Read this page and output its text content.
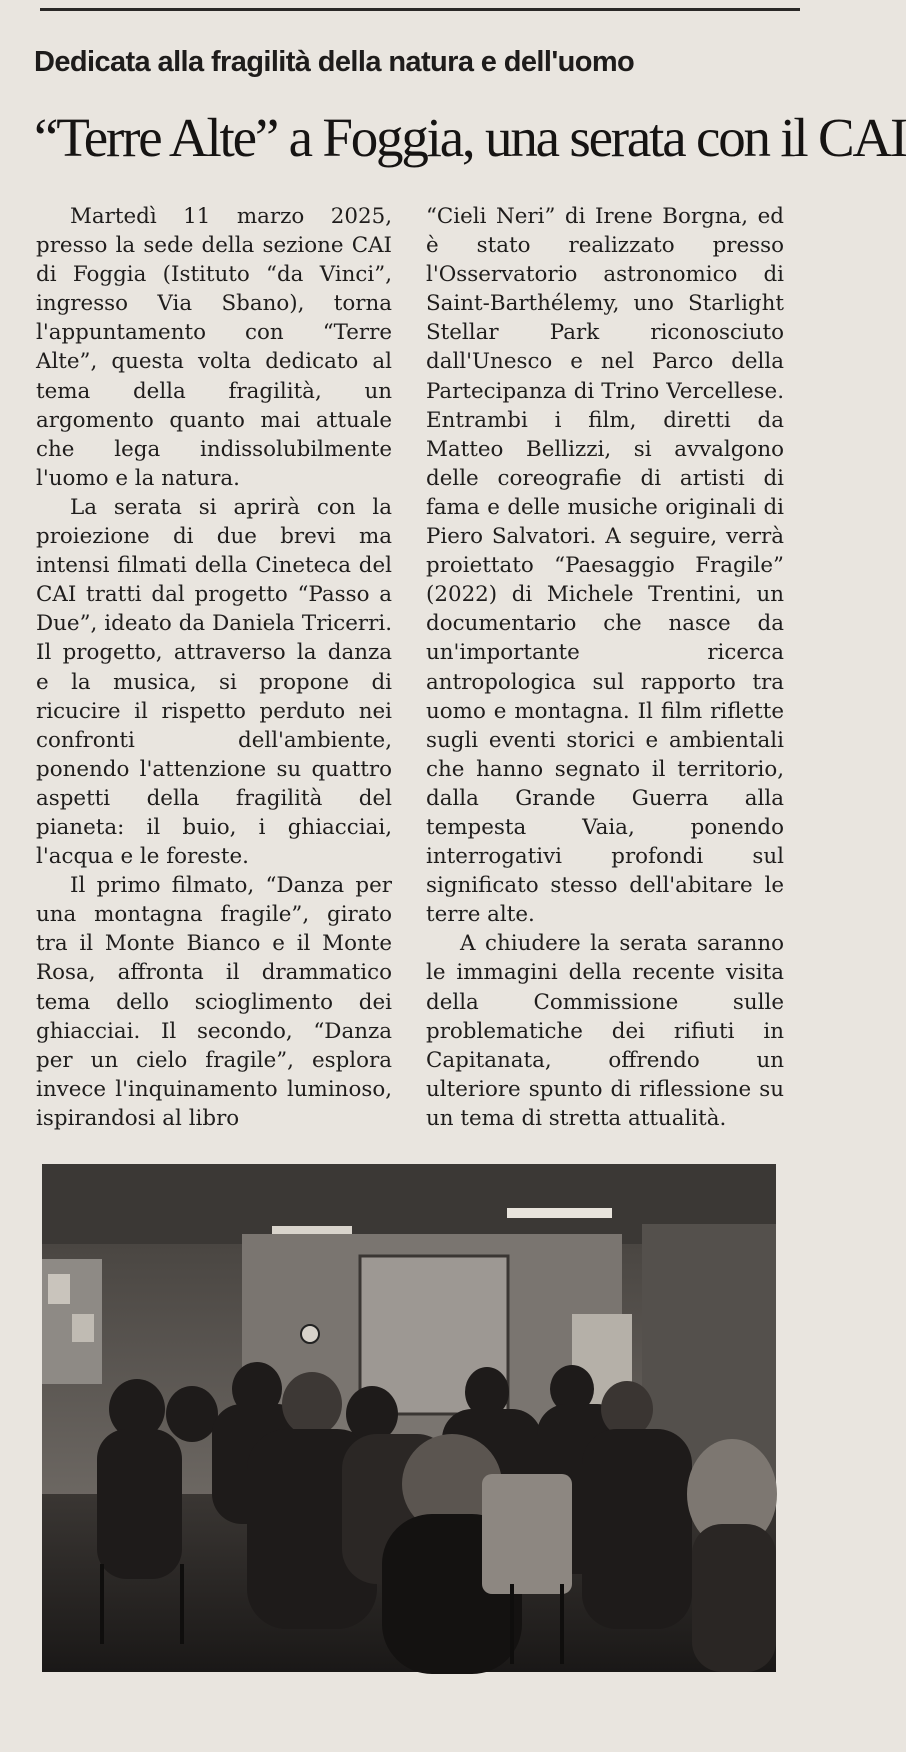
Dedicata alla fragilità della natura e dell'uomo
“Terre Alte” a Foggia, una serata con il CAI

Martedì 11 marzo 2025, presso la sede della sezione CAI di Foggia (Istituto “da Vinci”, ingresso Via Sbano), torna l'appuntamento con “Terre Alte”, questa volta dedicato al tema della fragilità, un argomento quanto mai attuale che lega indissolubilmente l'uomo e la natura.

La serata si aprirà con la proiezione di due brevi ma intensi filmati della Cineteca del CAI tratti dal progetto “Passo a Due”, ideato da Daniela Tricerri. Il progetto, attraverso la danza e la musica, si propone di ricucire il rispetto perduto nei confronti dell'ambiente, ponendo l'attenzione su quattro aspetti della fragilità del pianeta: il buio, i ghiacciai, l'acqua e le foreste.

Il primo filmato, “Danza per una montagna fragile”, girato tra il Monte Bianco e il Monte Rosa, affronta il drammatico tema dello scioglimento dei ghiacciai. Il secondo, “Danza per un cielo fragile”, esplora invece l'inquinamento luminoso, ispirandosi al libro

“Cieli Neri” di Irene Borgna, ed è stato realizzato presso l'Osservatorio astronomico di Saint-Barthélemy, uno Starlight Stellar Park riconosciuto dall'Unesco e nel Parco della Partecipanza di Trino Vercellese. Entrambi i film, diretti da Matteo Bellizzi, si avvalgono delle coreografie di artisti di fama e delle musiche originali di Piero Salvatori. A seguire, verrà proiettato “Paesaggio Fragile” (2022) di Michele Trentini, un documentario che nasce da un'importante ricerca antropologica sul rapporto tra uomo e montagna. Il film riflette sugli eventi storici e ambientali che hanno segnato il territorio, dalla Grande Guerra alla tempesta Vaia, ponendo interrogativi profondi sul significato stesso dell'abitare le terre alte.

A chiudere la serata saranno le immagini della recente visita della Commissione sulle problematiche dei rifiuti in Capitanata, offrendo un ulteriore spunto di riflessione su un tema di stretta attualità.
